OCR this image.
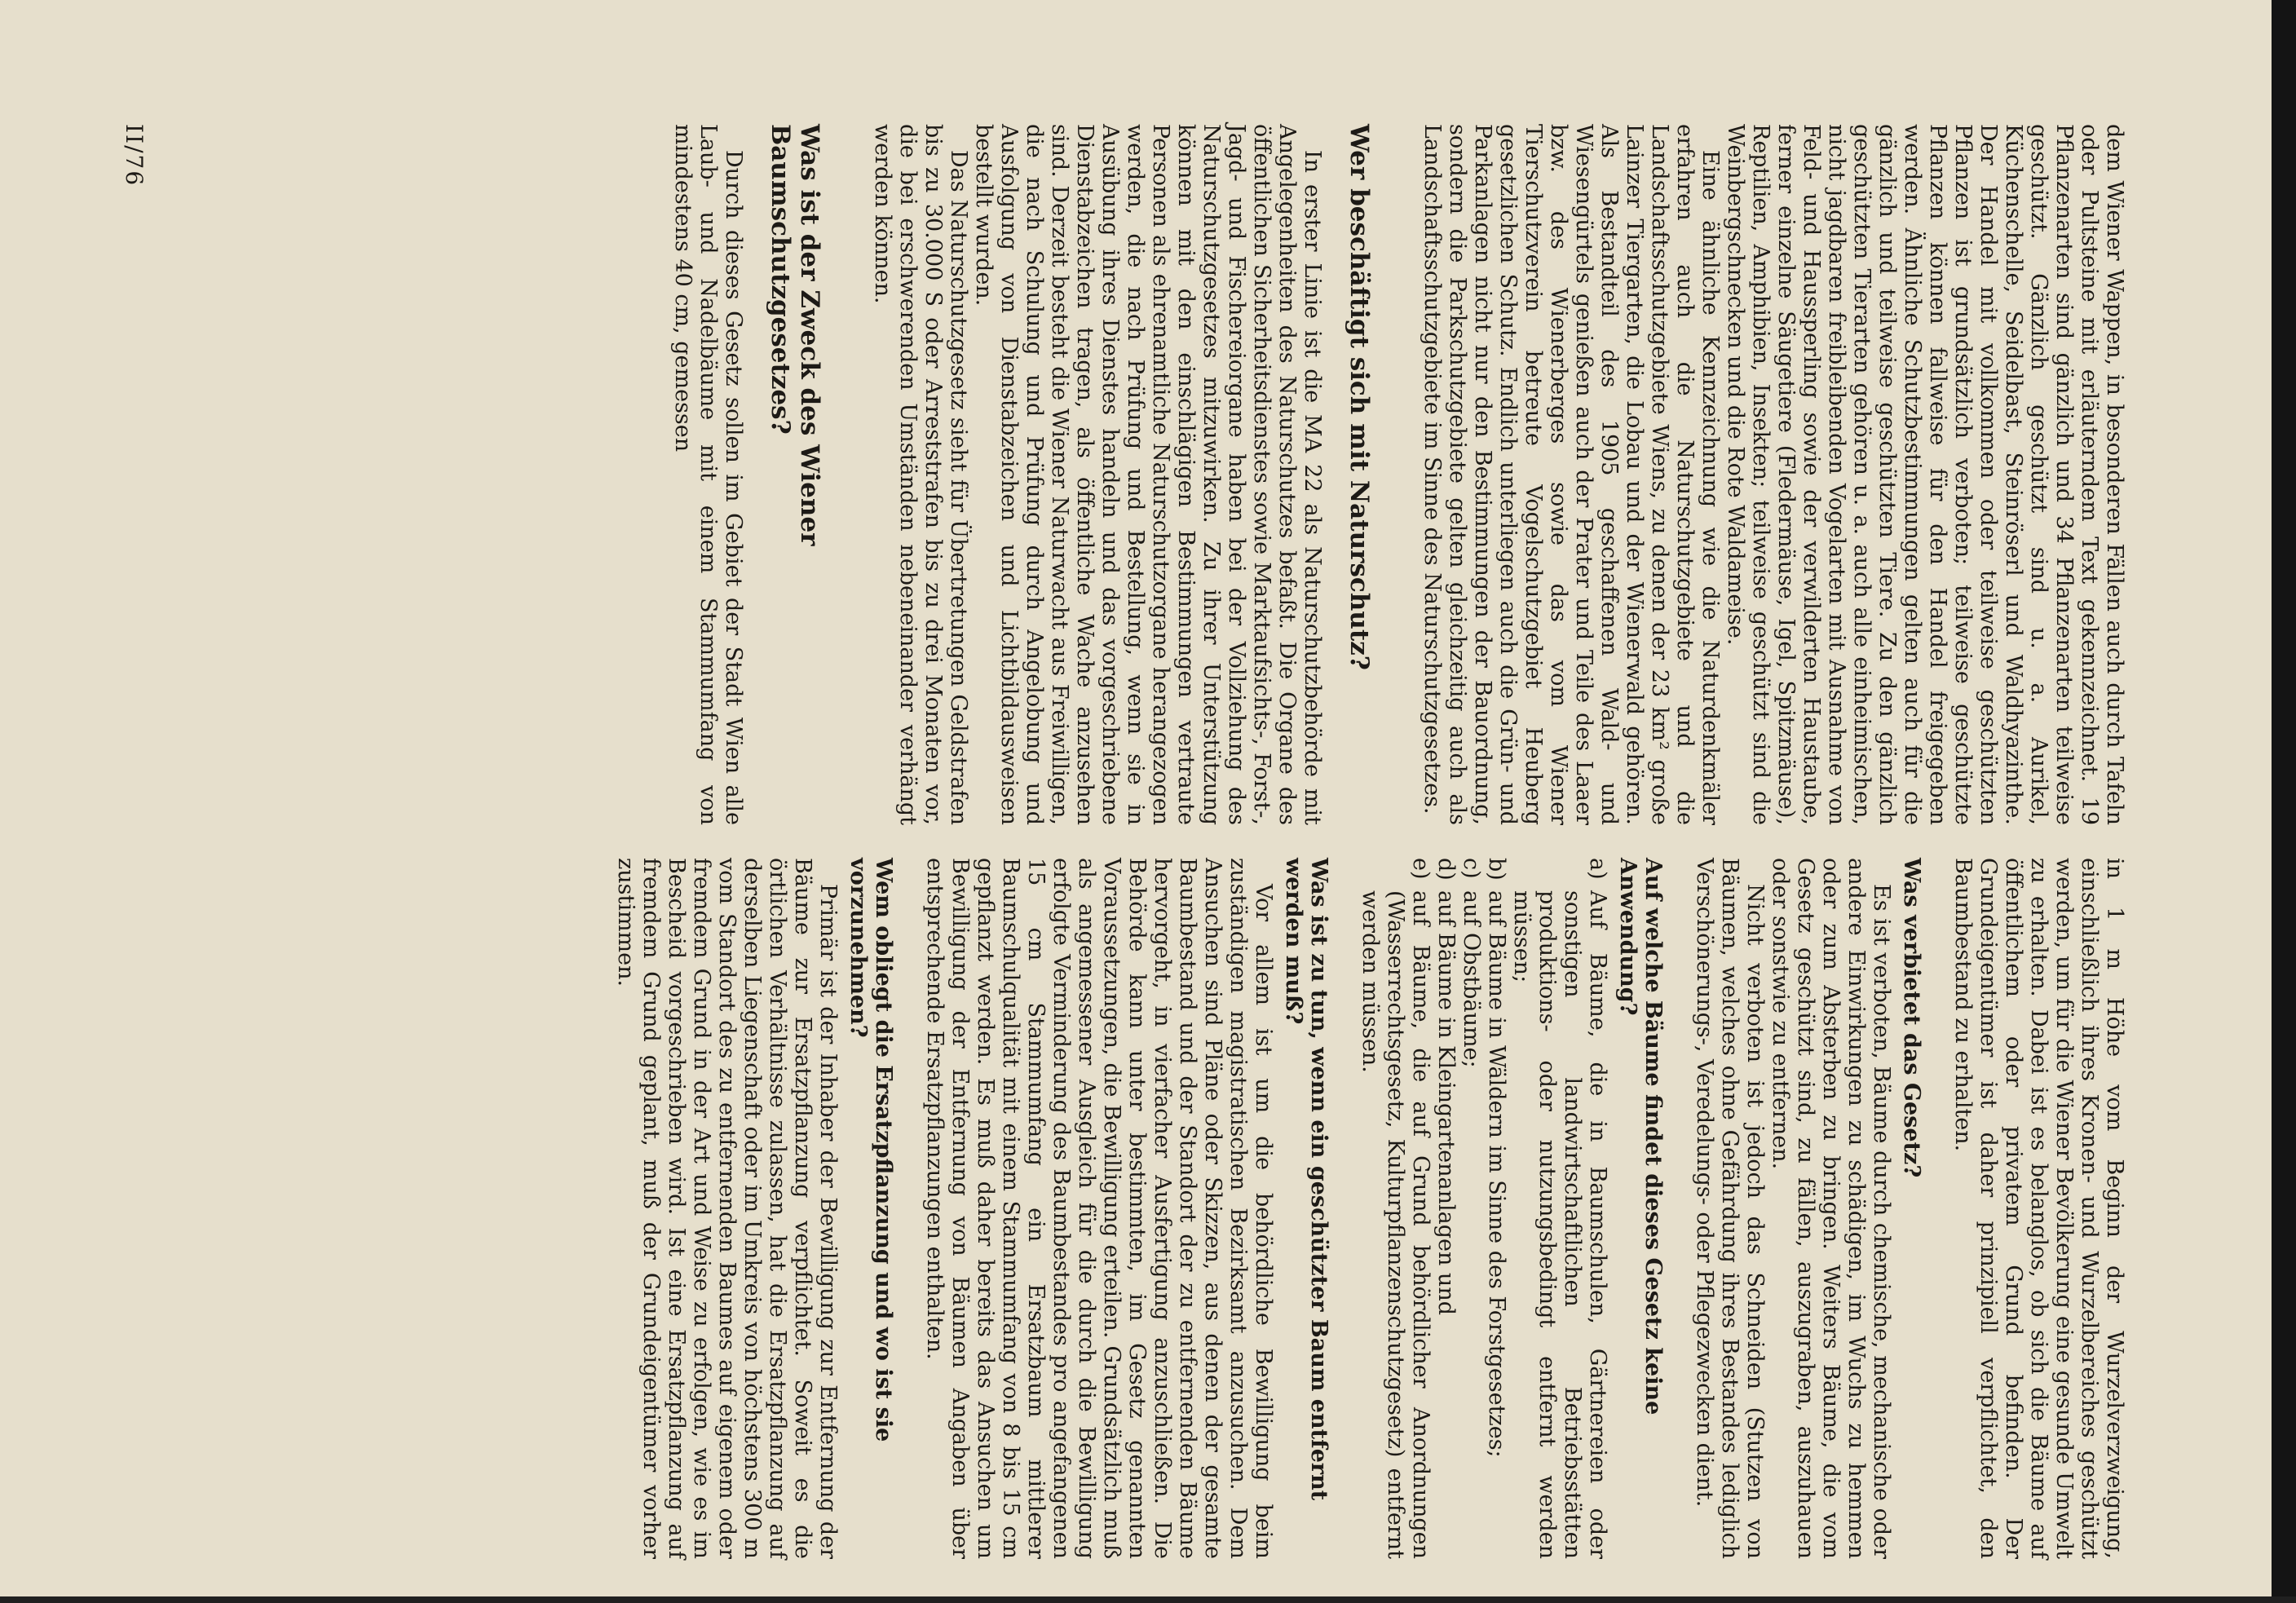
dem Wiener Wappen, in besonderen Fällen auch durch Tafeln oder Pultsteine mit erläuterndem Text gekennzeichnet. 19 Pflanzenarten sind gänzlich und 34 Pflanzenarten teilweise geschützt. Gänzlich geschützt sind u. a. Aurikel, Küchenschelle, Seidelbast, Steinröserl und Waldhyazinthe. Der Handel mit vollkommen oder teilweise geschützten Pflanzen ist grundsätzlich verboten; teilweise geschützte Pflanzen können fallweise für den Handel freigegeben werden. Ähnliche Schutzbestimmungen gelten auch für die gänzlich und teilweise geschützten Tiere. Zu den gänzlich geschützten Tierarten gehören u. a. auch alle einheimischen, nicht jagdbaren freibleibenden Vogelarten mit Ausnahme von Feld- und Haussperling sowie der verwilderten Haustaube, ferner einzelne Säugetiere (Fledermäuse, Igel, Spitzmäuse), Reptilien, Amphibien, Insekten; teilweise geschützt sind die Weinbergschnecken und die Rote Waldameise.

Eine ähnliche Kennzeichnung wie die Naturdenkmäler erfahren auch die Naturschutzgebiete und die Landschaftsschutzgebiete Wiens, zu denen der 23 km² große Lainzer Tiergarten, die Lobau und der Wienerwald gehören. Als Bestandteil des 1905 geschaffenen Wald- und Wiesengürtels genießen auch der Prater und Teile des Laaer bzw. des Wienerberges sowie das vom Wiener Tierschutzverein betreute Vogelschutzgebiet Heuberg gesetzlichen Schutz. Endlich unterliegen auch die Grün- und Parkanlagen nicht nur den Bestimmungen der Bauordnung, sondern die Parkschutzgebiete gelten gleichzeitig auch als Landschaftsschutzgebiete im Sinne des Naturschutzgesetzes.

Wer beschäftigt sich mit Naturschutz?

In erster Linie ist die MA 22 als Naturschutzbehörde mit Angelegenheiten des Naturschutzes befaßt. Die Organe des öffentlichen Sicherheitsdienstes sowie Marktaufsichts-, Forst-, Jagd- und Fischereiorgane haben bei der Vollziehung des Naturschutzgesetzes mitzuwirken. Zu ihrer Unterstützung können mit den einschlägigen Bestimmungen vertraute Personen als ehrenamtliche Naturschutzorgane herangezogen werden, die nach Prüfung und Bestellung, wenn sie in Ausübung ihres Dienstes handeln und das vorgeschriebene Dienstabzeichen tragen, als öffentliche Wache anzusehen sind. Derzeit besteht die Wiener Naturwacht aus Freiwilligen, die nach Schulung und Prüfung durch Angelobung und Ausfolgung von Dienstabzeichen und Lichtbildausweisen bestellt wurden.

Das Naturschutzgesetz sieht für Übertretungen Geldstrafen bis zu 30.000 S oder Arreststrafen bis zu drei Monaten vor, die bei erschwerenden Umständen nebeneinander verhängt werden können.

Was ist der Zweck des Wiener Baumschutzgesetzes?

Durch dieses Gesetz sollen im Gebiet der Stadt Wien alle Laub- und Nadelbäume mit einem Stammumfang von mindestens 40 cm, gemessen

in 1 m Höhe vom Beginn der Wurzelverzweigung, einschließlich ihres Kronen- und Wurzelbereiches geschützt werden, um für die Wiener Bevölkerung eine gesunde Umwelt zu erhalten. Dabei ist es belanglos, ob sich die Bäume auf öffentlichem oder privatem Grund befinden. Der Grundeigentümer ist daher prinzipiell verpflichtet, den Baumbestand zu erhalten.

Was verbietet das Gesetz?

Es ist verboten, Bäume durch chemische, mechanische oder andere Einwirkungen zu schädigen, im Wuchs zu hemmen oder zum Absterben zu bringen. Weiters Bäume, die vom Gesetz geschützt sind, zu fällen, auszugraben, auszuhauen oder sonstwie zu entfernen.

Nicht verboten ist jedoch das Schneiden (Stutzen von Bäumen, welches ohne Gefährdung ihres Bestandes lediglich Verschönerungs-, Veredelungs- oder Pflegezwecken dient.

Auf welche Bäume findet dieses Gesetz keine Anwendung?
a)
Auf Bäume, die in Baumschulen, Gärtnereien oder sonstigen landwirtschaftlichen Betriebsstätten produktions- oder nutzungsbedingt entfernt werden müssen;
b)
auf Bäume in Wäldern im Sinne des Forstgesetzes;
c)
auf Obstbäume;
d)
auf Bäume in Kleingartenanlagen und
e)
auf Bäume, die auf Grund behördlicher Anordnungen (Wasserrechtsgesetz, Kulturpflanzenschutzgesetz) entfernt werden müssen.
Was ist zu tun, wenn ein geschützter Baum entfernt werden muß?

Vor allem ist um die behördliche Bewilligung beim zuständigen magistratischen Bezirksamt anzusuchen. Dem Ansuchen sind Pläne oder Skizzen, aus denen der gesamte Baumbestand und der Standort der zu entfernenden Bäume hervorgeht, in vierfacher Ausfertigung anzuschließen. Die Behörde kann unter bestimmten, im Gesetz genannten Voraussetzungen, die Bewilligung erteilen. Grundsätzlich muß als angemessener Ausgleich für die durch die Bewilligung erfolgte Verminderung des Baumbestandes pro angefangenen 15 cm Stammumfang ein Ersatzbaum mittlerer Baumschulqualität mit einem Stammumfang von 8 bis 15 cm gepflanzt werden. Es muß daher bereits das Ansuchen um Bewilligung der Entfernung von Bäumen Angaben über entsprechende Ersatzpflanzungen enthalten.

Wem obliegt die Ersatzpflanzung und wo ist sie vorzunehmen?

Primär ist der Inhaber der Bewilligung zur Entfernung der Bäume zur Ersatzpflanzung verpflichtet. Soweit es die örtlichen Verhältnisse zulassen, hat die Ersatzpflanzung auf derselben Liegenschaft oder im Umkreis von höchstens 300 m vom Standort des zu entfernenden Baumes auf eigenem oder fremdem Grund in der Art und Weise zu erfolgen, wie es im Bescheid vorgeschrieben wird. Ist eine Ersatzpflanzung auf fremdem Grund geplant, muß der Grundeigentümer vorher zustimmen.

II/76
